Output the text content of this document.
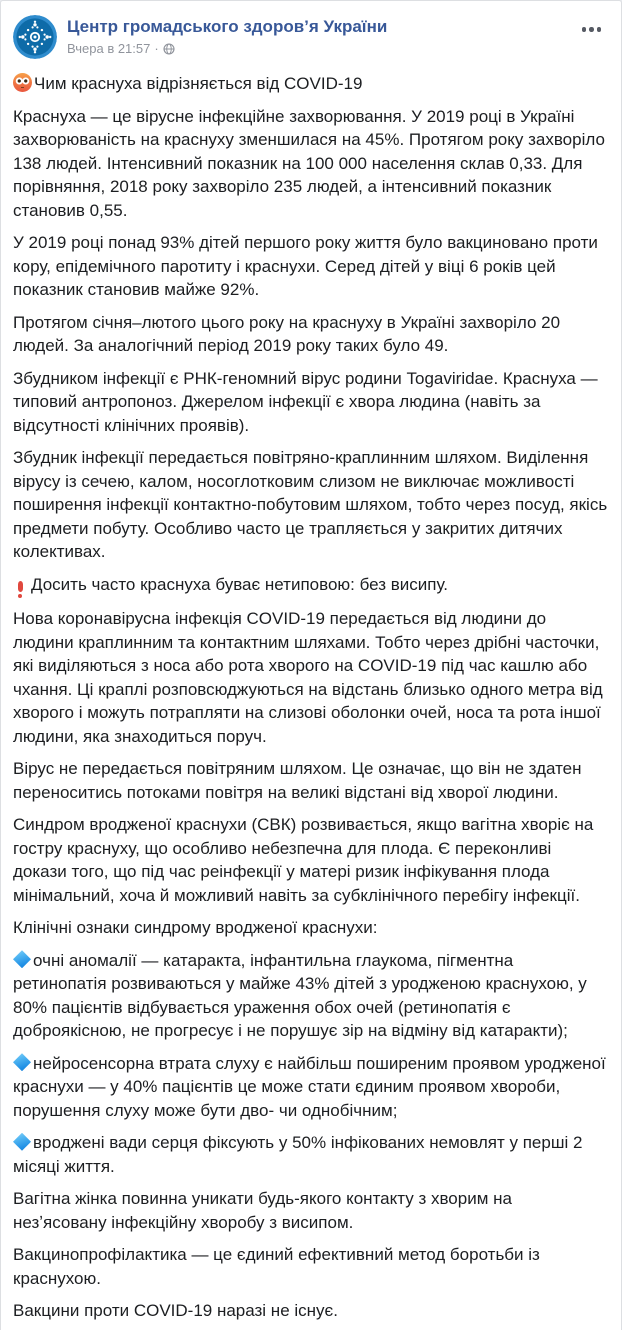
Центр громадського здоров’я України
Вчера в 21:57 ·

Чим краснуха відрізняється від COVID-19

Краснуха — це вірусне інфекційне захворювання. У 2019 році в Україні захворюваність на краснуху зменшилася на 45%. Протягом року захворіло 138 людей. Інтенсивний показник на 100 000 населення склав 0,33. Для порівняння, 2018 року захворіло 235 людей, а інтенсивний показник становив 0,55.

У 2019 році понад 93% дітей першого року життя було вакциновано проти кору, епідемічного паротиту і краснухи. Серед дітей у віці 6 років цей показник становив майже 92%.

Протягом січня–лютого цього року на краснуху в Україні захворіло 20 людей. За аналогічний період 2019 року таких було 49.

Збудником інфекції є РНК-геномний вірус родини Togaviridae. Краснуха — типовий антропоноз. Джерелом інфекції є хвора людина (навіть за відсутності клінічних проявів).

Збудник інфекції передається повітряно-краплинним шляхом. Виділення вірусу із сечею, калом, носоглотковим слизом не виключає можливості поширення інфекції контактно-побутовим шляхом, тобто через посуд, якісь предмети побуту. Особливо часто це трапляється у закритих дитячих колективах.

Досить часто краснуха буває нетиповою: без висипу.

Нова коронавірусна інфекція COVID-19 передається від людини до людини краплинним та контактним шляхами. Тобто через дрібні часточки, які виділяються з носа або рота хворого на COVID-19 під час кашлю або чхання. Ці краплі розповсюджуються на відстань близько одного метра від хворого і можуть потрапляти на слизові оболонки очей, носа та рота іншої людини, яка знаходиться поруч.

Вірус не передається повітряним шляхом. Це означає, що він не здатен переноситись потоками повітря на великі відстані від хворої людини.

Синдром вродженої краснухи (СВК) розвивається, якщо вагітна хворіє на гостру краснуху, що особливо небезпечна для плода. Є переконливі докази того, що під час реінфекції у матері ризик інфікування плода мінімальний, хоча й можливий навіть за субклінічного перебігу інфекції.

Клінічні ознаки синдрому вродженої краснухи:

очні аномалії — катаракта, інфантильна глаукома, пігментна ретинопатія розвиваються у майже 43% дітей з уродженою краснухою, у 80% пацієнтів відбувається ураження обох очей (ретинопатія є доброякісною, не прогресує і не порушує зір на відміну від катаракти);

нейросенсорна втрата слуху є найбільш поширеним проявом уродженої краснухи — у 40% пацієнтів це може стати єдиним проявом хвороби, порушення слуху може бути дво- чи однобічним;

вроджені вади серця фіксують у 50% інфікованих немовлят у перші 2 місяці життя.

Вагітна жінка повинна уникати будь-якого контакту з хворим на незʼясовану інфекційну хворобу з висипом.

Вакцинопрофілактика — це єдиний ефективний метод боротьби із краснухою.

Вакцини проти COVID-19 наразі не існує.
